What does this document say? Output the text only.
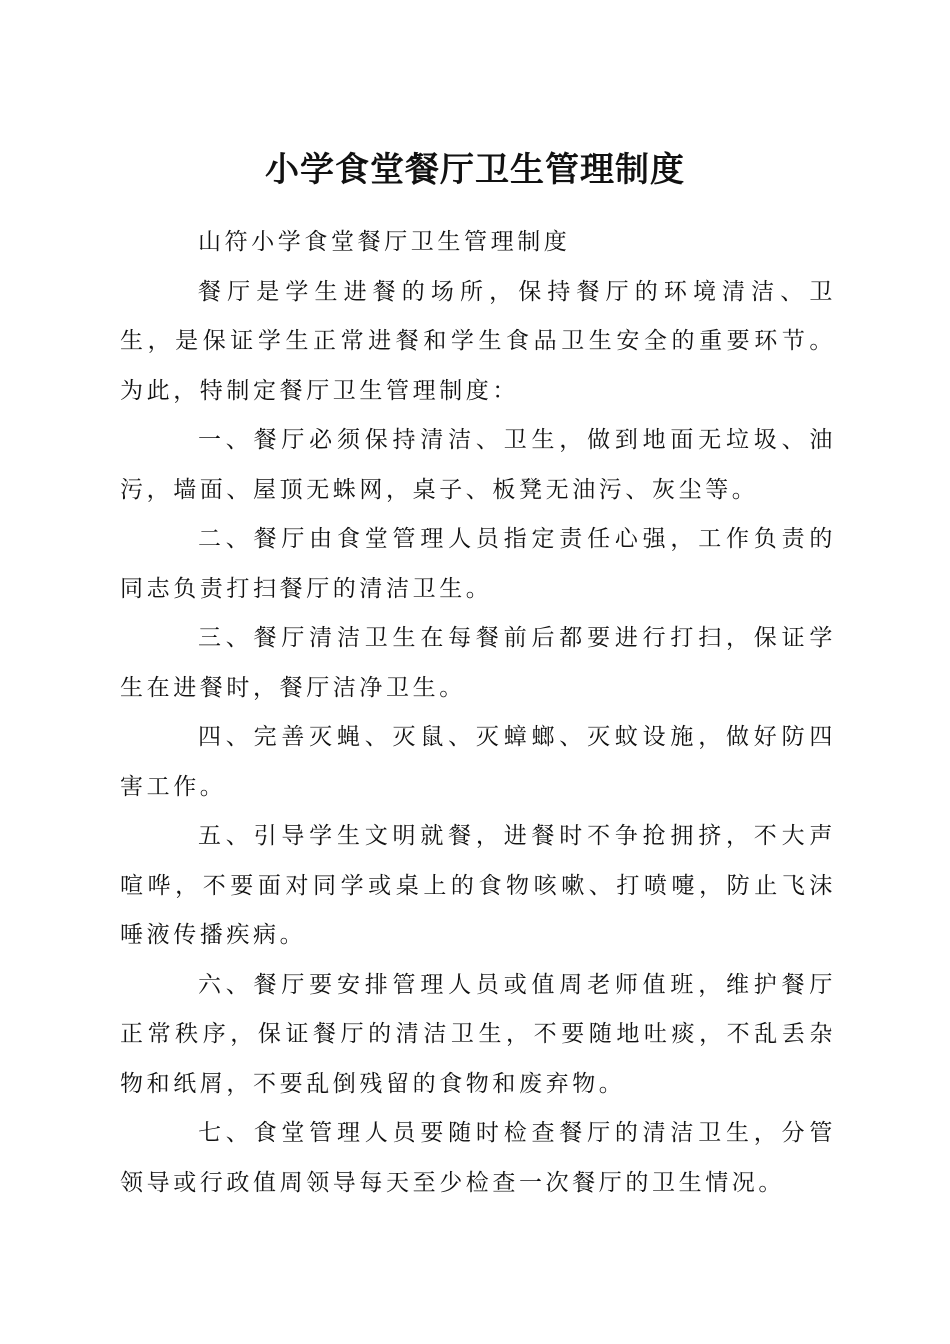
小学食堂餐厅卫生管理制度

山符小学食堂餐厅卫生管理制度

餐厅是学生进餐的场所，保持餐厅的环境清洁、卫生，是保证学生正常进餐和学生食品卫生安全的重要环节。为此，特制定餐厅卫生管理制度：

一、餐厅必须保持清洁、卫生，做到地面无垃圾、油污，墙面、屋顶无蛛网，桌子、板凳无油污、灰尘等。

二、餐厅由食堂管理人员指定责任心强，工作负责的同志负责打扫餐厅的清洁卫生。

三、餐厅清洁卫生在每餐前后都要进行打扫，保证学生在进餐时，餐厅洁净卫生。

四、完善灭蝇、灭鼠、灭蟑螂、灭蚊设施，做好防四害工作。

五、引导学生文明就餐，进餐时不争抢拥挤，不大声喧哗，不要面对同学或桌上的食物咳嗽、打喷嚏，防止飞沫唾液传播疾病。

六、餐厅要安排管理人员或值周老师值班，维护餐厅正常秩序，保证餐厅的清洁卫生，不要随地吐痰，不乱丢杂物和纸屑，不要乱倒残留的食物和废弃物。

七、食堂管理人员要随时检查餐厅的清洁卫生，分管领导或行政值周领导每天至少检查一次餐厅的卫生情况。
